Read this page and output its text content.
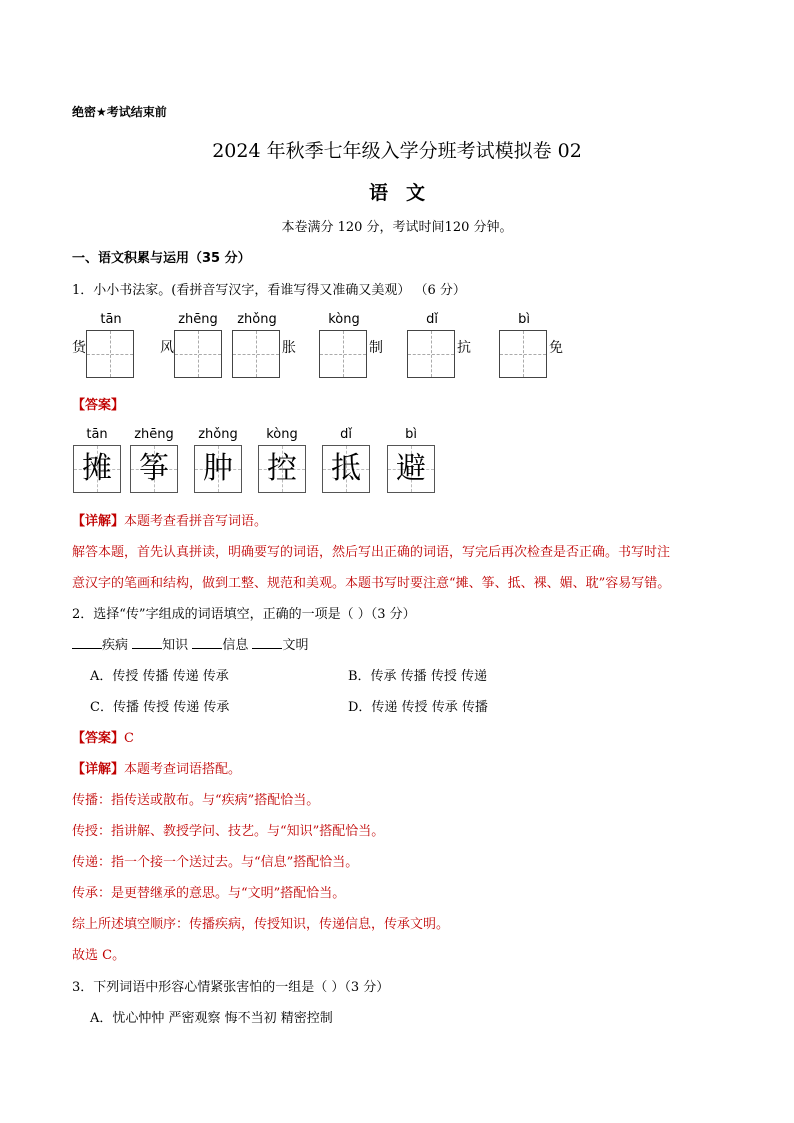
绝密★考试结束前
2024 年秋季七年级入学分班考试模拟卷 02
语文
本卷满分 120 分，考试时间120 分钟。
一、语文积累与运用（35 分）
1．小小书法家。(看拼音写汉字，看谁写得又准确又美观） （6 分）
tān
货
zhēng
风
zhǒng
胀
kòng
制
dǐ
抗
bì
免
【答案】
tān
摊
zhēng
筝
zhǒng
肿
kòng
控
dǐ
抵
bì
避
【详解】本题考查看拼音写词语。
解答本题，首先认真拼读，明确要写的词语，然后写出正确的词语，写完后再次检查是否正确。书写时注
意汉字的笔画和结构，做到工整、规范和美观。本题书写时要注意“摊、筝、抵、裸、媚、耽”容易写错。
2．选择“传”字组成的词语填空，正确的一项是（ ）（3 分）
疾病	知识	信息	文明
A．传授 传播 传递 传承	B．传承 传播 传授 传递
C．传播 传授 传递 传承	D．传递 传授 传承 传播
【答案】C
【详解】本题考查词语搭配。
传播：指传送或散布。与“疾病”搭配恰当。
传授：指讲解、教授学问、技艺。与“知识”搭配恰当。
传递：指一个接一个送过去。与“信息”搭配恰当。
传承：是更替继承的意思。与“文明”搭配恰当。
综上所述填空顺序：传播疾病，传授知识，传递信息，传承文明。
故选 C。
3．下列词语中形容心情紧张害怕的一组是（ ）（3 分）
A．忧心忡忡 严密观察 悔不当初 精密控制
